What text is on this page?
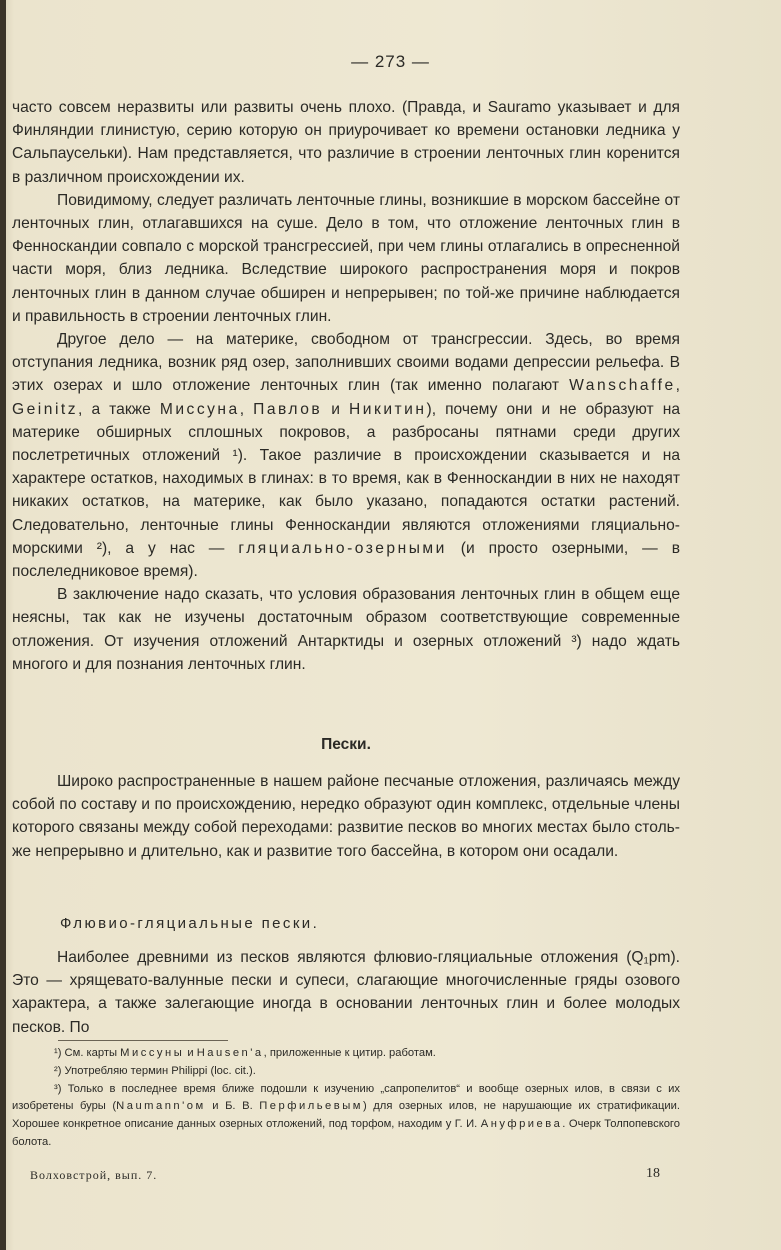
— 273 —

часто совсем неразвиты или развиты очень плохо. (Правда, и Sauramo указывает и для Финляндии глинистую, серию которую он приурочивает ко времени остановки ледника у Сальпаусельки). Нам представляется, что различие в строении ленточных глин коренится в различном происхождении их.

Повидимому, следует различать ленточные глины, возникшие в морском бассейне от ленточных глин, отлагавшихся на суше. Дело в том, что отложение ленточных глин в Фенноскандии совпало с морской трансгрессией, при чем глины отлагались в опресненной части моря, близ ледника. Вследствие широкого распространения моря и покров ленточных глин в данном случае обширен и непрерывен; по той-же причине наблюдается и правильность в строении ленточных глин.

Другое дело — на материке, свободном от трансгрессии. Здесь, во время отступания ледника, возник ряд озер, заполнивших своими водами депрессии рельефа. В этих озерах и шло отложение ленточных глин (так именно полагают Wanschaffe, Geinitz, а также Миссуна, Павлов и Никитин), почему они и не образуют на материке обширных сплошных покровов, а разбросаны пятнами среди других послетретичных отложений ¹). Такое различие в происхождении сказывается и на характере остатков, находимых в глинах: в то время, как в Фенноскандии в них не находят никаких остатков, на материке, как было указано, попадаются остатки растений. Следовательно, ленточные глины Фенноскандии являются отложениями гляциально-морскими ²), а у нас — гляциально-озерными (и просто озерными, — в послеледниковое время).

В заключение надо сказать, что условия образования ленточных глин в общем еще неясны, так как не изучены достаточным образом соответствующие современные отложения. От изучения отложений Антарктиды и озерных отложений ³) надо ждать многого и для познания ленточных глин.

Пески.

Широко распространенные в нашем районе песчаные отложения, различаясь между собой по составу и по происхождению, нередко образуют один комплекс, отдельные члены которого связаны между собой переходами: развитие песков во многих местах было столь-же непрерывно и длительно, как и развитие того бассейна, в котором они осадали.

Флювио-гляциальные пески.

Наиболее древними из песков являются флювио-гляциальные отложения (Q₁pm). Это — хрящевато-валунные пески и супеси, слагающие многочисленные гряды озового характера, а также залегающие иногда в основании ленточных глин и более молодых песков. По

¹) См. карты Миссуны и Hausen'a, приложенные к цитир. работам.

²) Употребляю термин Philippi (loc. cit.).

³) Только в последнее время ближе подошли к изучению „сапропелитов“ и вообще озерных илов, в связи с их изобретены буры (Naumann'ом и Б. В. Перфильевым) для озерных илов, не нарушающие их стратификации. Хорошее конкретное описание данных озерных отложений, под торфом, находим у Г. И. Ануфриева. Очерк Толпопевского болота.

Волховстрой, вып. 7.	18
